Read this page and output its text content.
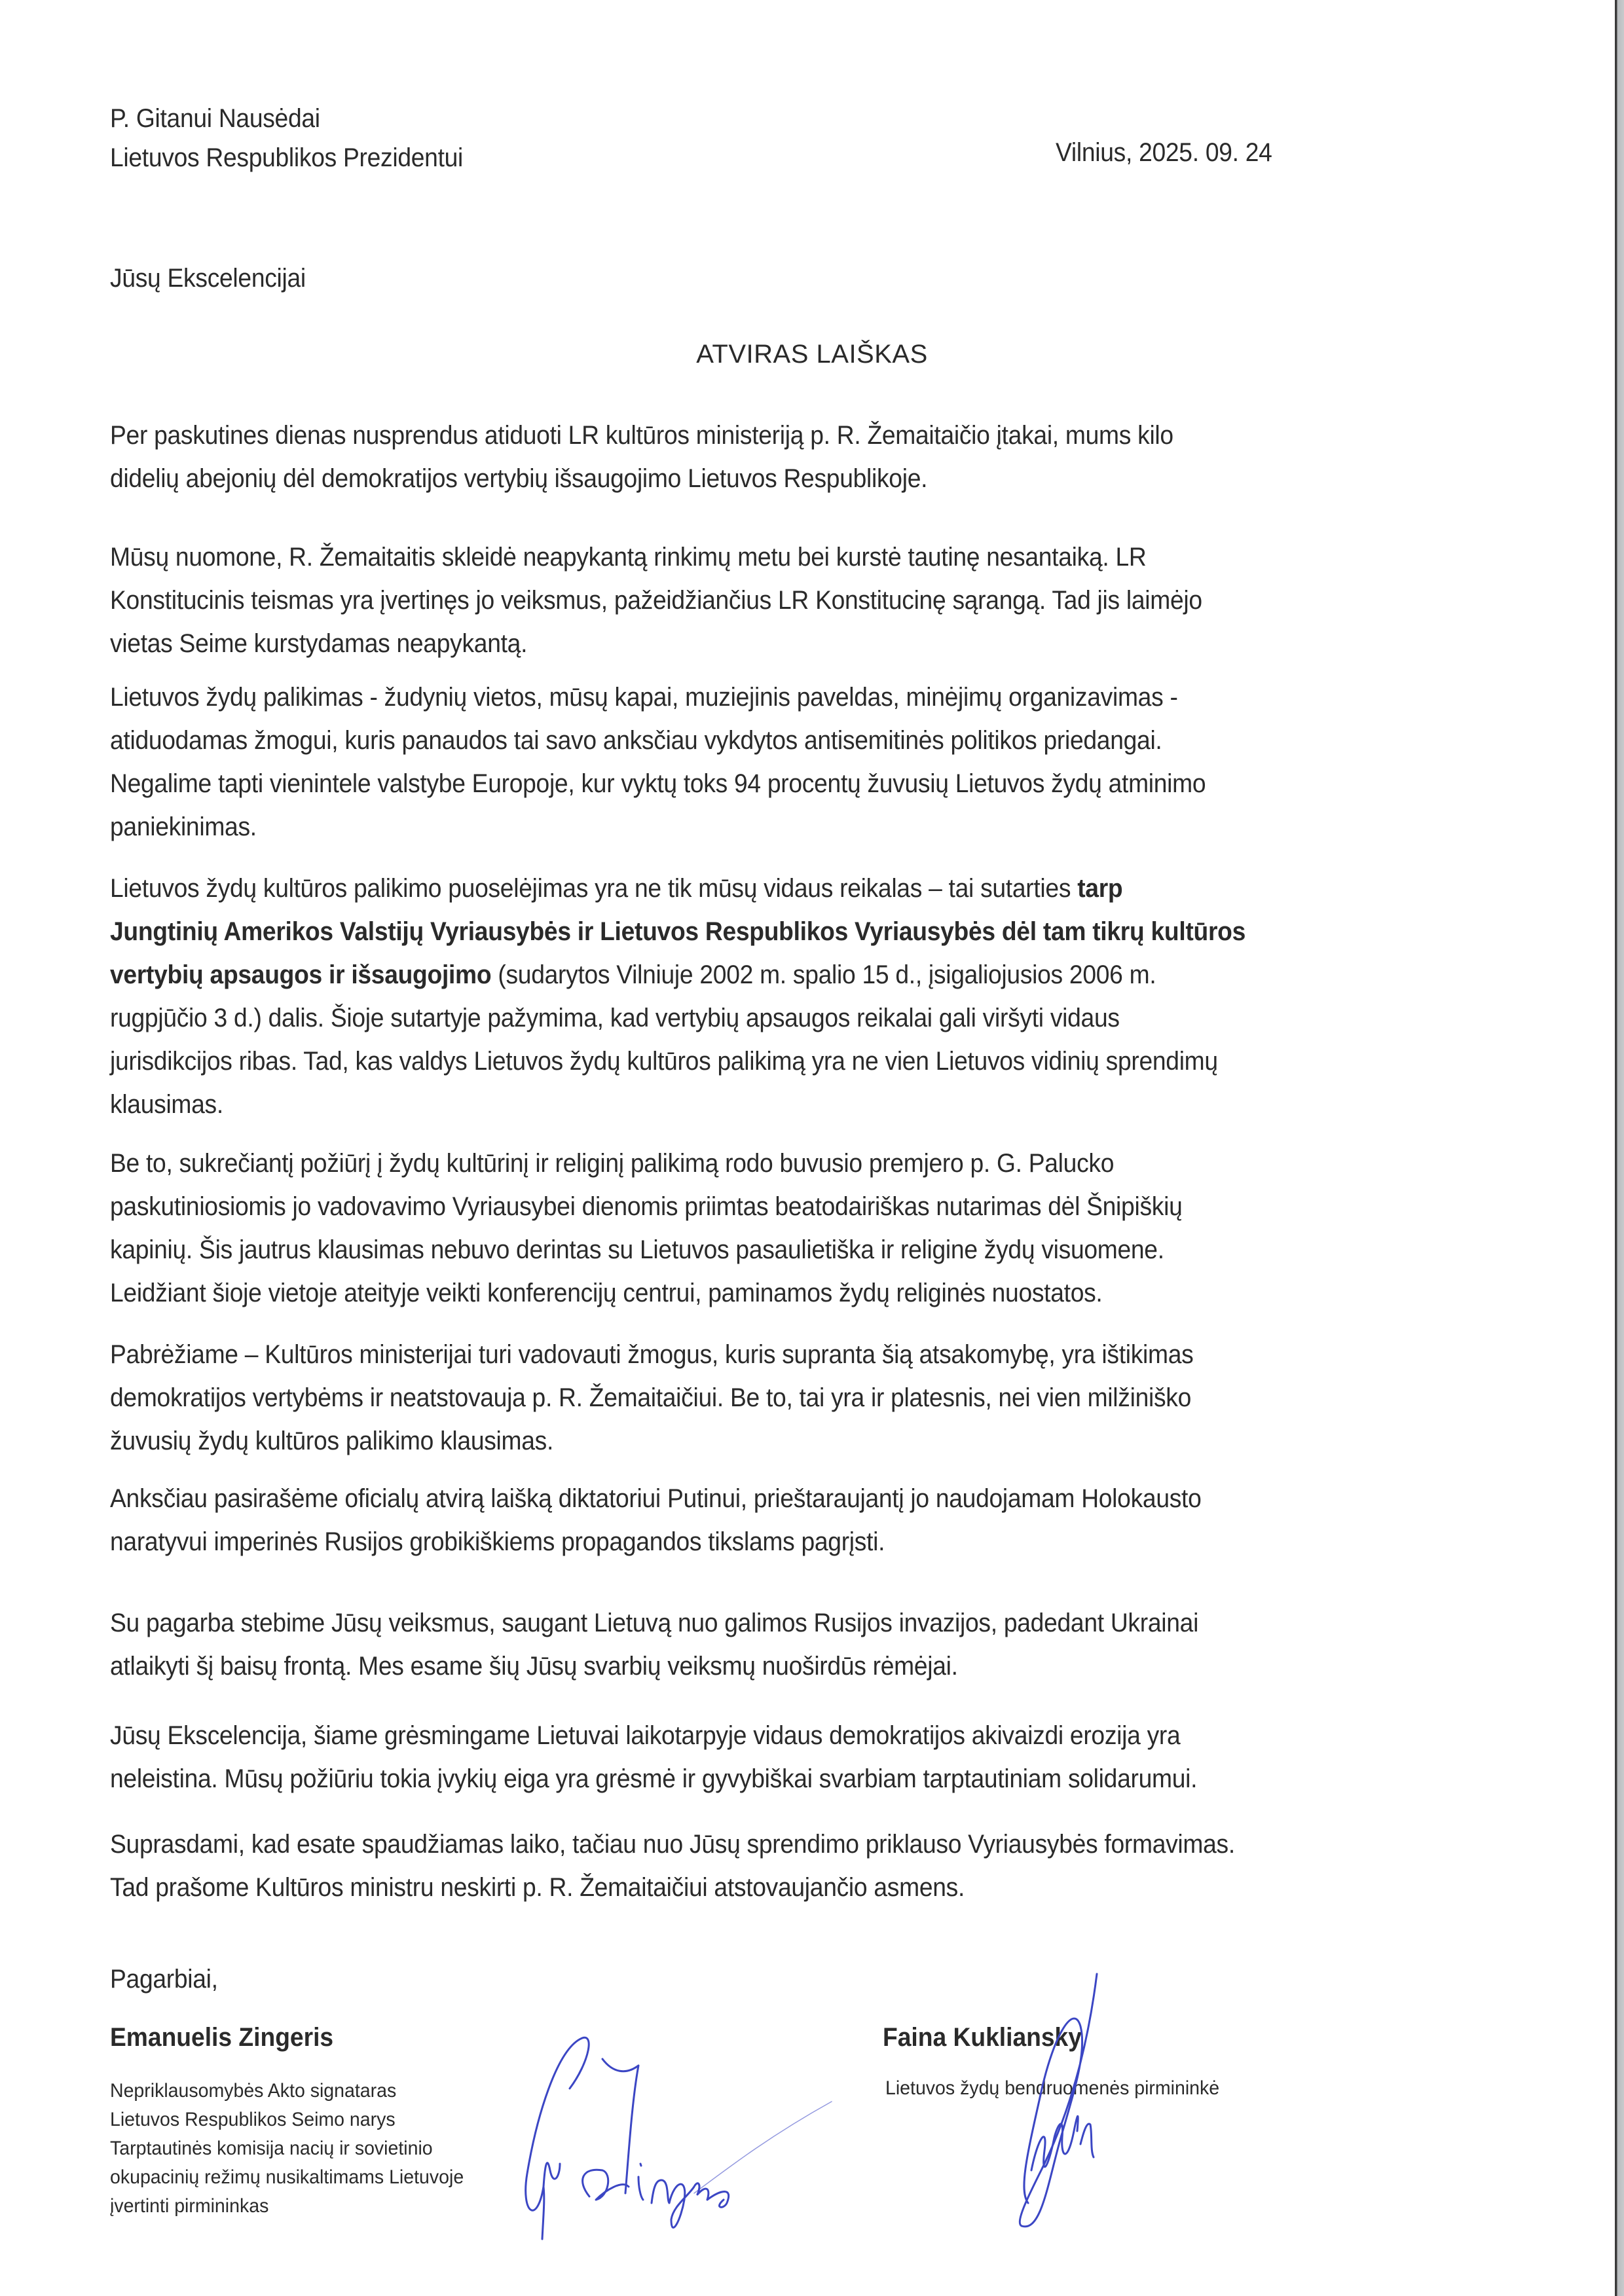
P. Gitanui Nausėdai
Lietuvos Respublikos Prezidentui	Vilnius, 2025. 09. 24
Jūsų Ekscelencijai
ATVIRAS LAIŠKAS
Per paskutines dienas nusprendus atiduoti LR kultūros ministeriją p. R. Žemaitaičio įtakai, mums kilo
didelių abejonių dėl demokratijos vertybių išsaugojimo Lietuvos Respublikoje.
Mūsų nuomone, R. Žemaitaitis skleidė neapykantą rinkimų metu bei kurstė tautinę nesantaiką. LR
Konstitucinis teismas yra įvertinęs jo veiksmus, pažeidžiančius LR Konstitucinę sąrangą. Tad jis laimėjo
vietas Seime kurstydamas neapykantą.
Lietuvos žydų palikimas - žudynių vietos, mūsų kapai, muziejinis paveldas, minėjimų organizavimas -
atiduodamas žmogui, kuris panaudos tai savo anksčiau vykdytos antisemitinės politikos priedangai.
Negalime tapti vienintele valstybe Europoje, kur vyktų toks 94 procentų žuvusių Lietuvos žydų atminimo
paniekinimas.
Lietuvos žydų kultūros palikimo puoselėjimas yra ne tik mūsų vidaus reikalas – tai sutarties tarp
Jungtinių Amerikos Valstijų Vyriausybės ir Lietuvos Respublikos Vyriausybės dėl tam tikrų kultūros
vertybių apsaugos ir išsaugojimo (sudarytos Vilniuje 2002 m. spalio 15 d., įsigaliojusios 2006 m.
rugpjūčio 3 d.) dalis. Šioje sutartyje pažymima, kad vertybių apsaugos reikalai gali viršyti vidaus
jurisdikcijos ribas. Tad, kas valdys Lietuvos žydų kultūros palikimą yra ne vien Lietuvos vidinių sprendimų
klausimas.
Be to, sukrečiantį požiūrį į žydų kultūrinį ir religinį palikimą rodo buvusio premjero p. G. Palucko
paskutiniosiomis jo vadovavimo Vyriausybei dienomis priimtas beatodairiškas nutarimas dėl Šnipiškių
kapinių. Šis jautrus klausimas nebuvo derintas su Lietuvos pasaulietiška ir religine žydų visuomene.
Leidžiant šioje vietoje ateityje veikti konferencijų centrui, paminamos žydų religinės nuostatos.
Pabrėžiame – Kultūros ministerijai turi vadovauti žmogus, kuris supranta šią atsakomybę, yra ištikimas
demokratijos vertybėms ir neatstovauja p. R. Žemaitaičiui. Be to, tai yra ir platesnis, nei vien milžiniško
žuvusių žydų kultūros palikimo klausimas.
Anksčiau pasirašėme oficialų atvirą laišką diktatoriui Putinui, prieštaraujantį jo naudojamam Holokausto
naratyvui imperinės Rusijos grobikiškiems propagandos tikslams pagrįsti.
Su pagarba stebime Jūsų veiksmus, saugant Lietuvą nuo galimos Rusijos invazijos, padedant Ukrainai
atlaikyti šį baisų frontą. Mes esame šių Jūsų svarbių veiksmų nuoširdūs rėmėjai.
Jūsų Ekscelencija, šiame grėsmingame Lietuvai laikotarpyje vidaus demokratijos akivaizdi erozija yra
neleistina. Mūsų požiūriu tokia įvykių eiga yra grėsmė ir gyvybiškai svarbiam tarptautiniam solidarumui.
Suprasdami, kad esate spaudžiamas laiko, tačiau nuo Jūsų sprendimo priklauso Vyriausybės formavimas.
Tad prašome Kultūros ministru neskirti p. R. Žemaitaičiui atstovaujančio asmens.
Pagarbiai,
Emanuelis Zingeris
Nepriklausomybės Akto signataras
Lietuvos Respublikos Seimo narys
Tarptautinės komisija nacių ir sovietinio
okupacinių režimų nusikaltimams Lietuvoje
įvertinti pirmininkas
Faina Kukliansky
Lietuvos žydų bendruomenės pirmininkė
